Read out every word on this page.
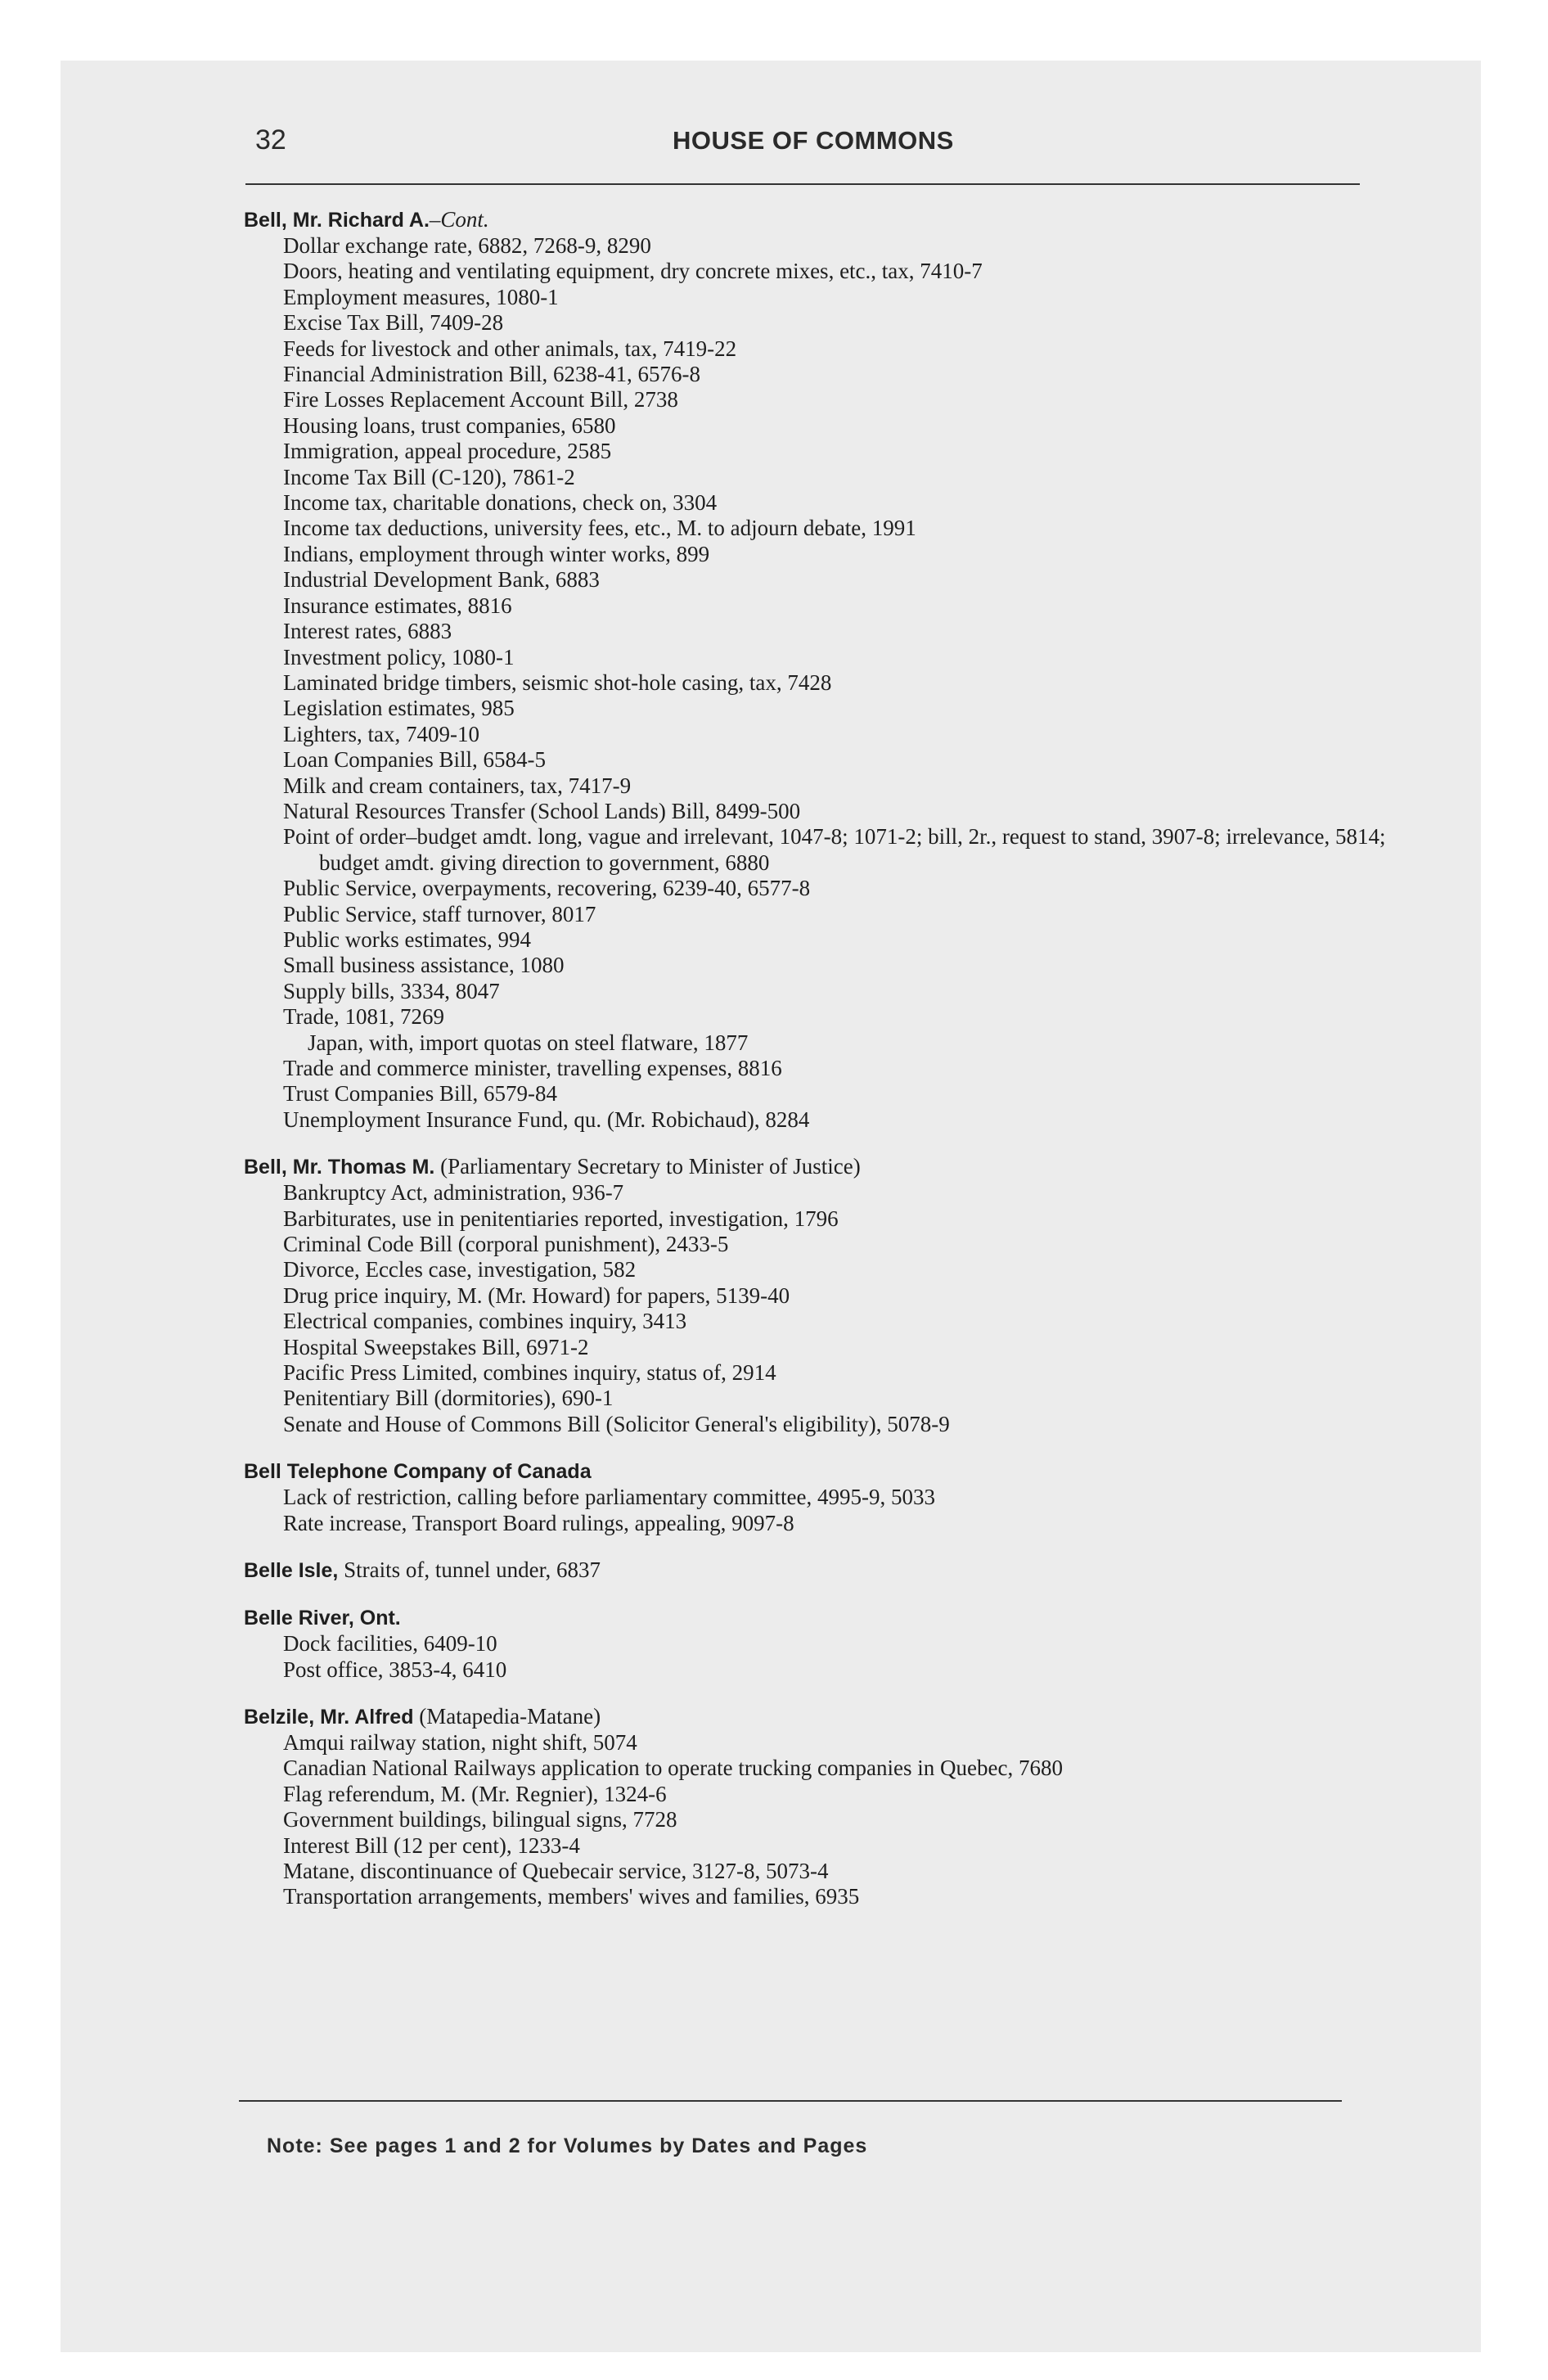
32	HOUSE OF COMMONS
Bell, Mr. Richard A.–Cont.
Dollar exchange rate, 6882, 7268-9, 8290
Doors, heating and ventilating equipment, dry concrete mixes, etc., tax, 7410-7
Employment measures, 1080-1
Excise Tax Bill, 7409-28
Feeds for livestock and other animals, tax, 7419-22
Financial Administration Bill, 6238-41, 6576-8
Fire Losses Replacement Account Bill, 2738
Housing loans, trust companies, 6580
Immigration, appeal procedure, 2585
Income Tax Bill (C-120), 7861-2
Income tax, charitable donations, check on, 3304
Income tax deductions, university fees, etc., M. to adjourn debate, 1991
Indians, employment through winter works, 899
Industrial Development Bank, 6883
Insurance estimates, 8816
Interest rates, 6883
Investment policy, 1080-1
Laminated bridge timbers, seismic shot-hole casing, tax, 7428
Legislation estimates, 985
Lighters, tax, 7409-10
Loan Companies Bill, 6584-5
Milk and cream containers, tax, 7417-9
Natural Resources Transfer (School Lands) Bill, 8499-500
Point of order–budget amdt. long, vague and irrelevant, 1047-8; 1071-2; bill, 2r., request to stand, 3907-8; irrelevance, 5814; budget amdt. giving direction to government, 6880
Public Service, overpayments, recovering, 6239-40, 6577-8
Public Service, staff turnover, 8017
Public works estimates, 994
Small business assistance, 1080
Supply bills, 3334, 8047
Trade, 1081, 7269
Japan, with, import quotas on steel flatware, 1877
Trade and commerce minister, travelling expenses, 8816
Trust Companies Bill, 6579-84
Unemployment Insurance Fund, qu. (Mr. Robichaud), 8284
Bell, Mr. Thomas M. (Parliamentary Secretary to Minister of Justice)
Bankruptcy Act, administration, 936-7
Barbiturates, use in penitentiaries reported, investigation, 1796
Criminal Code Bill (corporal punishment), 2433-5
Divorce, Eccles case, investigation, 582
Drug price inquiry, M. (Mr. Howard) for papers, 5139-40
Electrical companies, combines inquiry, 3413
Hospital Sweepstakes Bill, 6971-2
Pacific Press Limited, combines inquiry, status of, 2914
Penitentiary Bill (dormitories), 690-1
Senate and House of Commons Bill (Solicitor General's eligibility), 5078-9
Bell Telephone Company of Canada
Lack of restriction, calling before parliamentary committee, 4995-9, 5033
Rate increase, Transport Board rulings, appealing, 9097-8
Belle Isle, Straits of, tunnel under, 6837
Belle River, Ont.
Dock facilities, 6409-10
Post office, 3853-4, 6410
Belzile, Mr. Alfred (Matapedia-Matane)
Amqui railway station, night shift, 5074
Canadian National Railways application to operate trucking companies in Quebec, 7680
Flag referendum, M. (Mr. Regnier), 1324-6
Government buildings, bilingual signs, 7728
Interest Bill (12 per cent), 1233-4
Matane, discontinuance of Quebecair service, 3127-8, 5073-4
Transportation arrangements, members' wives and families, 6935
Note: See pages 1 and 2 for Volumes by Dates and Pages
